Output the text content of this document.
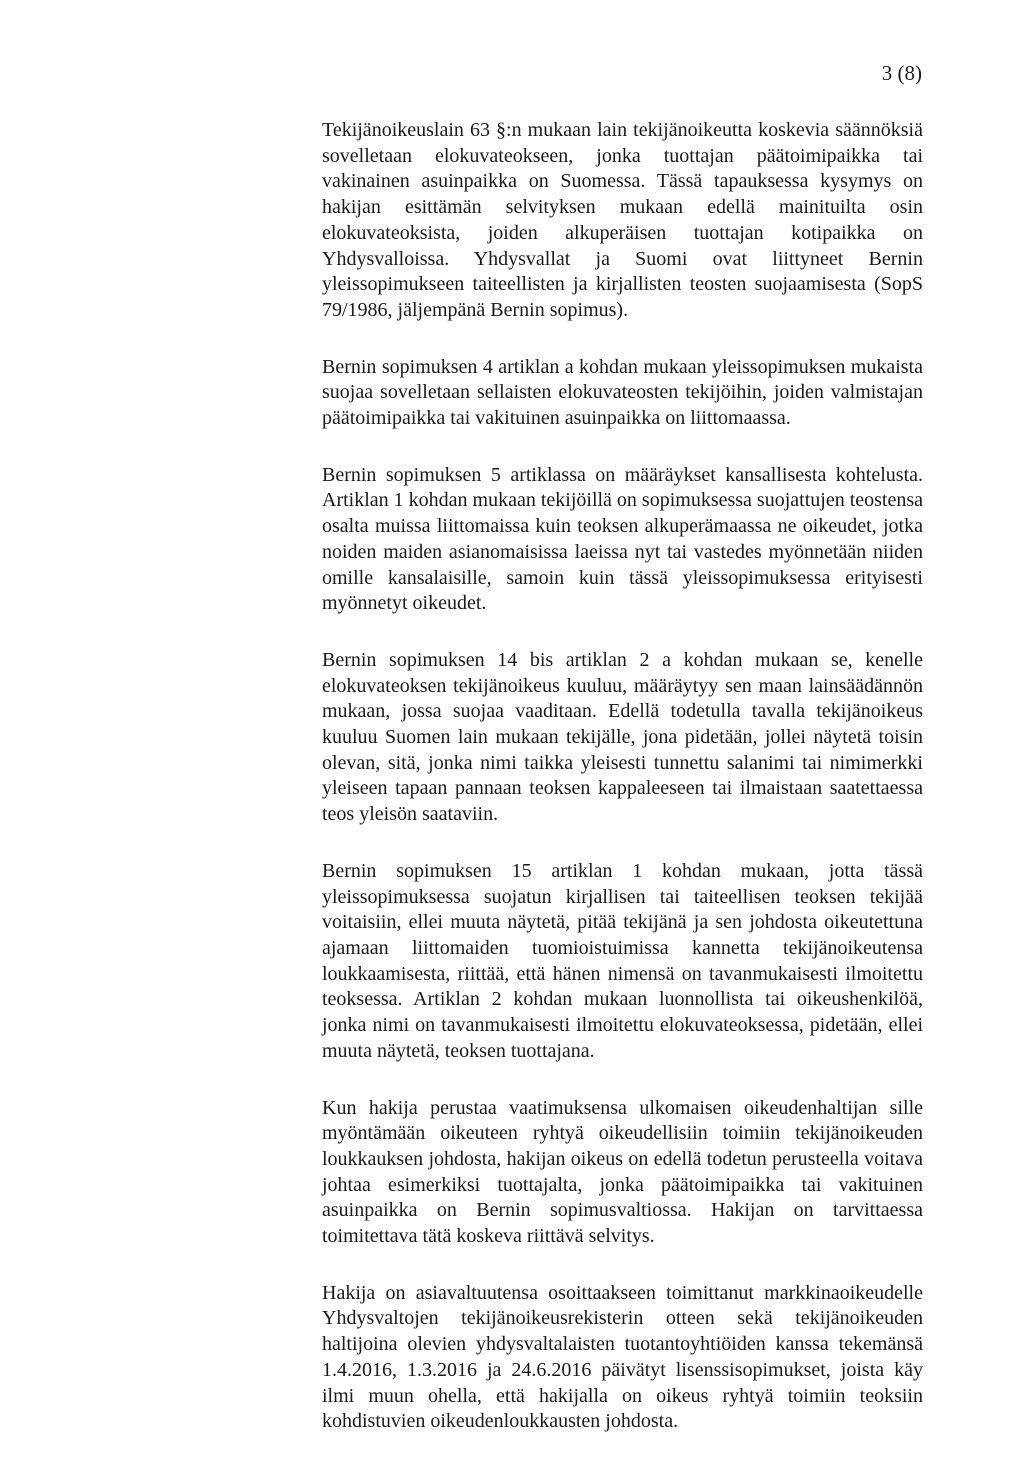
3 (8)

Tekijänoikeuslain 63 §:n mukaan lain tekijänoikeutta koskevia säännöksiä sovelletaan elokuvateokseen, jonka tuottajan päätoimipaikka tai vakinainen asuinpaikka on Suomessa. Tässä tapauksessa kysymys on hakijan esittämän selvityksen mukaan edellä mainituilta osin elokuvateoksista, joiden alkuperäisen tuottajan kotipaikka on Yhdysvalloissa. Yhdysvallat ja Suomi ovat liittyneet Bernin yleissopimukseen taiteellisten ja kirjallisten teosten suojaamisesta (SopS 79/1986, jäljempänä Bernin sopimus).

Bernin sopimuksen 4 artiklan a kohdan mukaan yleissopimuksen mukaista suojaa sovelletaan sellaisten elokuvateosten tekijöihin, joiden valmistajan päätoimipaikka tai vakituinen asuinpaikka on liittomaassa.

Bernin sopimuksen 5 artiklassa on määräykset kansallisesta kohtelusta. Artiklan 1 kohdan mukaan tekijöillä on sopimuksessa suojattujen teostensa osalta muissa liittomaissa kuin teoksen alkuperämaassa ne oikeudet, jotka noiden maiden asianomaisissa laeissa nyt tai vastedes myönnetään niiden omille kansalaisille, samoin kuin tässä yleissopimuksessa erityisesti myönnetyt oikeudet.

Bernin sopimuksen 14 bis artiklan 2 a kohdan mukaan se, kenelle elokuvateoksen tekijänoikeus kuuluu, määräytyy sen maan lainsäädännön mukaan, jossa suojaa vaaditaan. Edellä todetulla tavalla tekijänoikeus kuuluu Suomen lain mukaan tekijälle, jona pidetään, jollei näytetä toisin olevan, sitä, jonka nimi taikka yleisesti tunnettu salanimi tai nimimerkki yleiseen tapaan pannaan teoksen kappaleeseen tai ilmaistaan saatettaessa teos yleisön saataviin.

Bernin sopimuksen 15 artiklan 1 kohdan mukaan, jotta tässä yleissopimuksessa suojatun kirjallisen tai taiteellisen teoksen tekijää voitaisiin, ellei muuta näytetä, pitää tekijänä ja sen johdosta oikeutettuna ajamaan liittomaiden tuomioistuimissa kannetta tekijänoikeutensa loukkaamisesta, riittää, että hänen nimensä on tavanmukaisesti ilmoitettu teoksessa. Artiklan 2 kohdan mukaan luonnollista tai oikeushenkilöä, jonka nimi on tavanmukaisesti ilmoitettu elokuvateoksessa, pidetään, ellei muuta näytetä, teoksen tuottajana.

Kun hakija perustaa vaatimuksensa ulkomaisen oikeudenhaltijan sille myöntämään oikeuteen ryhtyä oikeudellisiin toimiin tekijänoikeuden loukkauksen johdosta, hakijan oikeus on edellä todetun perusteella voitava johtaa esimerkiksi tuottajalta, jonka päätoimipaikka tai vakituinen asuinpaikka on Bernin sopimusvaltiossa. Hakijan on tarvittaessa toimitettava tätä koskeva riittävä selvitys.

Hakija on asiavaltuutensa osoittaakseen toimittanut markkinaoikeudelle Yhdysvaltojen tekijänoikeusrekisterin otteen sekä tekijänoikeuden haltijoina olevien yhdysvaltalaisten tuotantoyhtiöiden kanssa tekemänsä 1.4.2016, 1.3.2016 ja 24.6.2016 päivätyt lisenssisopimukset, joista käy ilmi muun ohella, että hakijalla on oikeus ryhtyä toimiin teoksiin kohdistuvien oikeudenloukkausten johdosta.
